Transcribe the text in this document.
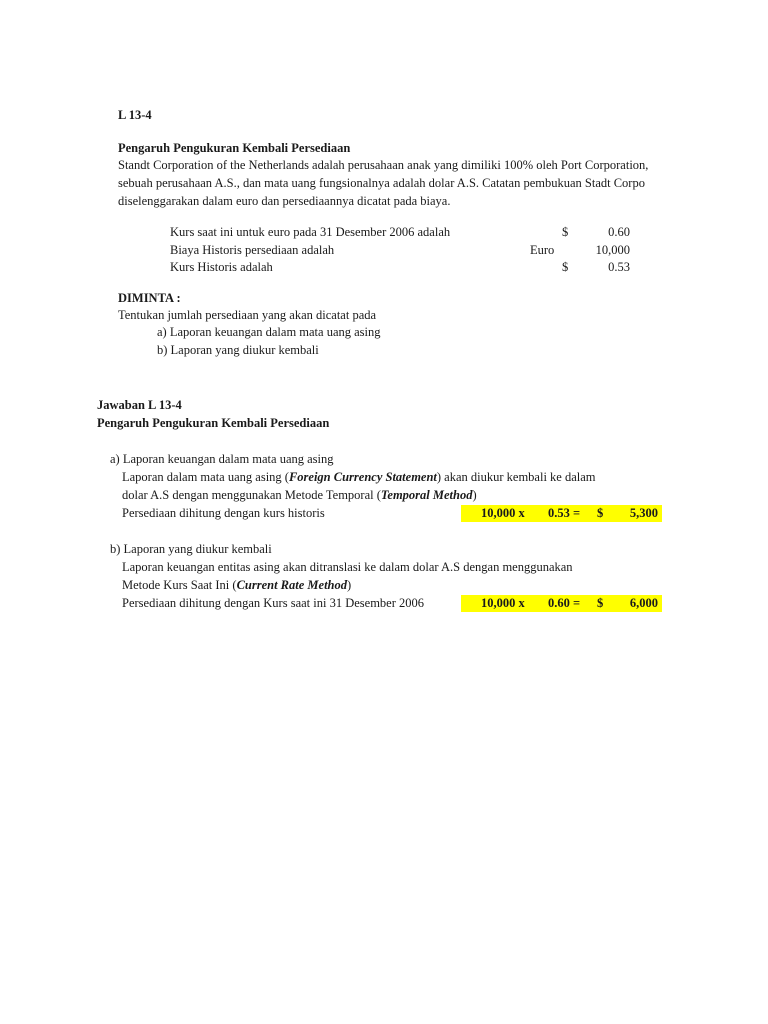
L 13-4
Pengaruh Pengukuran Kembali Persediaan
Standt Corporation of the Netherlands adalah perusahaan anak yang dimiliki 100% oleh Port Corporation,
sebuah perusahaan A.S., dan mata uang fungsionalnya adalah dolar A.S. Catatan pembukuan Stadt Corpo
diselenggarakan dalam euro dan persediaannya dicatat pada biaya.
Kurs saat ini untuk euro pada 31 Desember 2006 adalah	$	0.60
Biaya Historis persediaan adalah	Euro	10,000
Kurs Historis adalah	$	0.53
DIMINTA :
Tentukan jumlah persediaan yang akan dicatat pada
a) Laporan keuangan dalam mata uang asing
b) Laporan yang diukur kembali
Jawaban L 13-4
Pengaruh Pengukuran Kembali Persediaan
a) Laporan keuangan dalam mata uang asing
Laporan dalam mata uang asing (Foreign Currency Statement) akan diukur kembali ke dalam
dolar A.S dengan menggunakan Metode Temporal (Temporal Method)
Persediaan dihitung dengan kurs historis	10,000 x 0.53 = $	5,300
b) Laporan yang diukur kembali
Laporan keuangan entitas asing akan ditranslasi ke dalam dolar A.S dengan menggunakan
Metode Kurs Saat Ini (Current Rate Method)
Persediaan dihitung dengan Kurs saat ini 31 Desember 2006	10,000 x 0.60 = $	6,000
